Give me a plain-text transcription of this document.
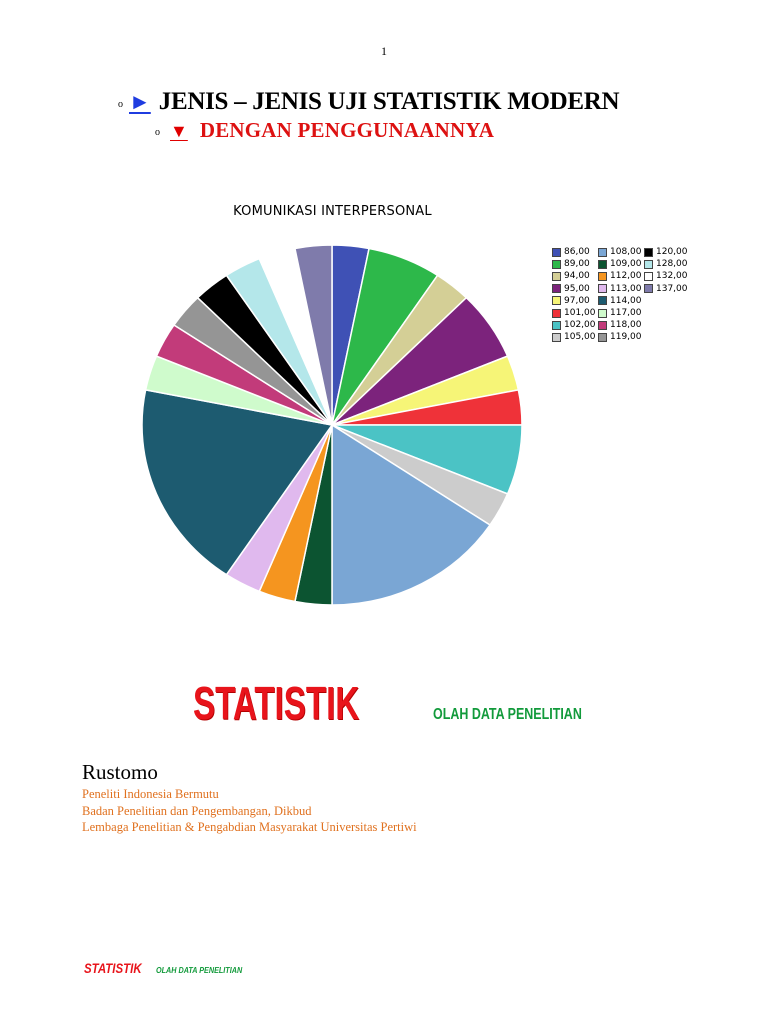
1
o ► JENIS – JENIS UJI STATISTIK MODERN
o ▼ DENGAN PENGGUNAANNYA
KOMUNIKASI INTERPERSONAL
86,00
89,00
94,00
95,00
97,00
101,00
102,00
105,00
108,00
109,00
112,00
113,00
114,00
117,00
118,00
119,00
120,00
128,00
132,00
137,00
STATISTIK	OLAH DATA PENELITIAN
Rustomo
Peneliti Indonesia Bermutu
Badan Penelitian dan Pengembangan, Dikbud
Lembaga Penelitian & Pengabdian Masyarakat Universitas Pertiwi
STATISTIK OLAH DATA PENELITIAN
